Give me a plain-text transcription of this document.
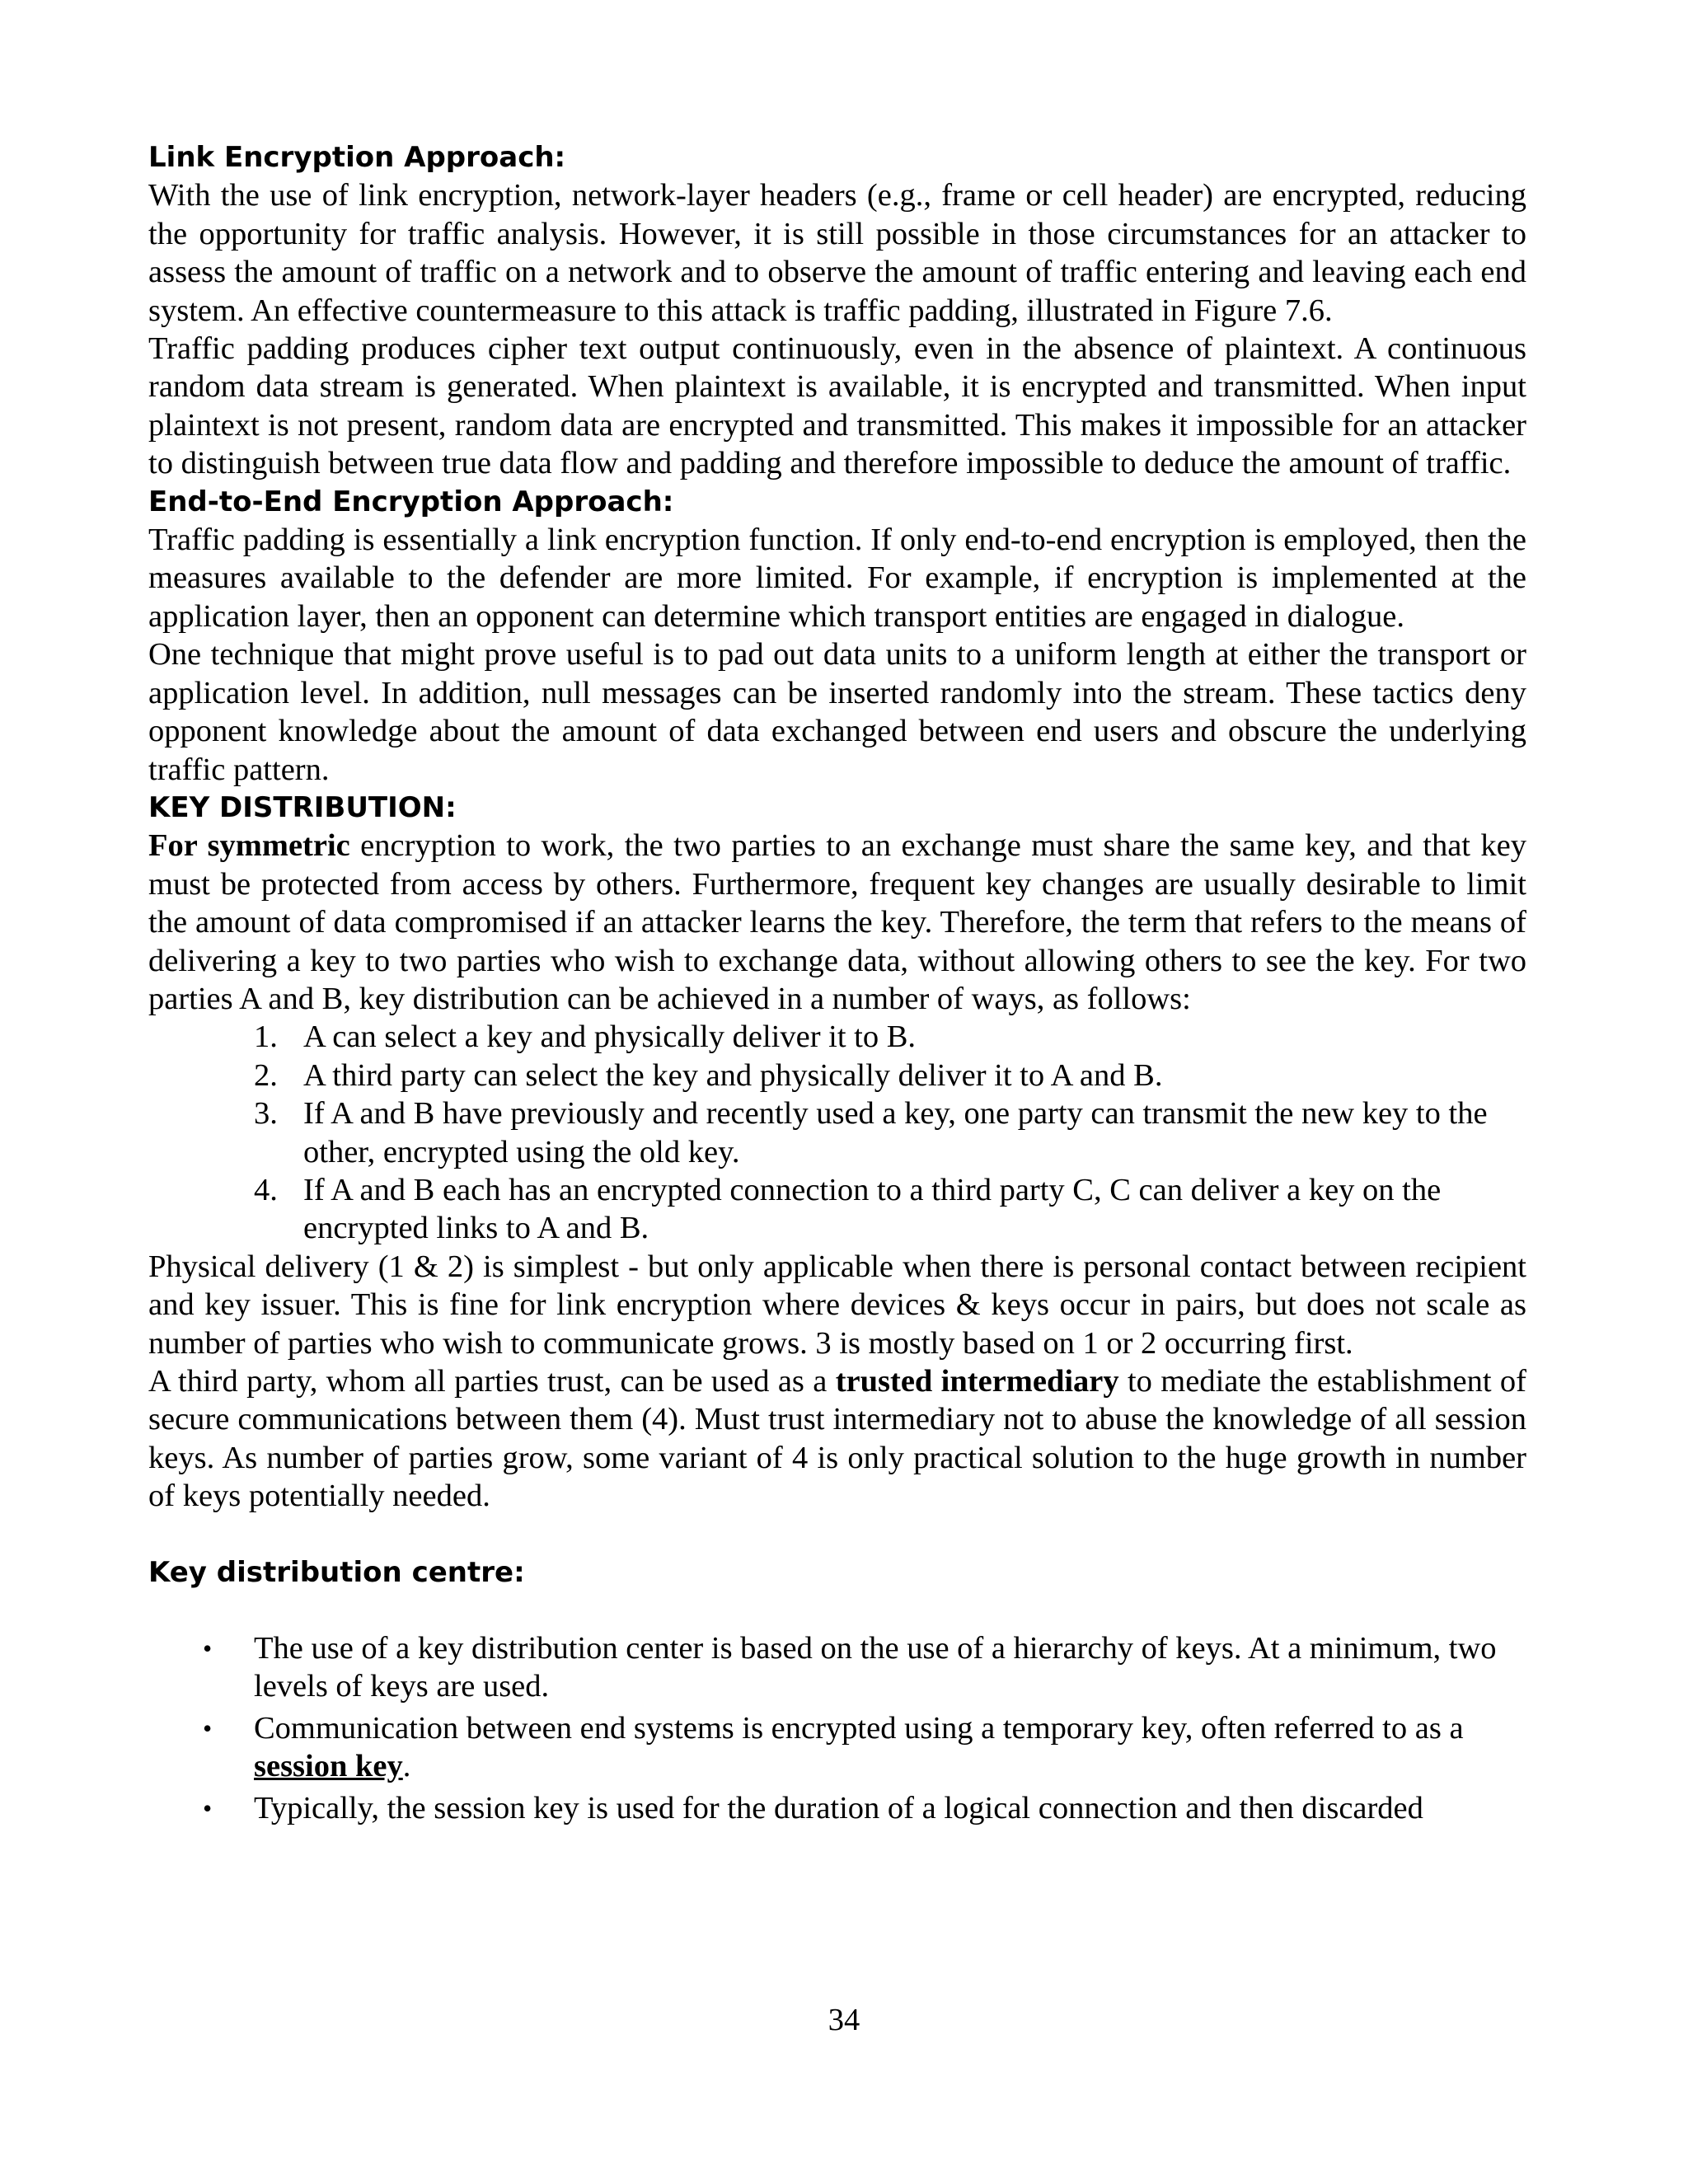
Link Encryption Approach:

With the use of link encryption, network-layer headers (e.g., frame or cell header) are encrypted, reducing the opportunity for traffic analysis. However, it is still possible in those circumstances for an attacker to assess the amount of traffic on a network and to observe the amount of traffic entering and leaving each end system. An effective countermeasure to this attack is traffic padding, illustrated in Figure 7.6.

Traffic padding produces cipher text output continuously, even in the absence of plaintext. A continuous random data stream is generated. When plaintext is available, it is encrypted and transmitted. When input plaintext is not present, random data are encrypted and transmitted. This makes it impossible for an attacker to distinguish between true data flow and padding and therefore impossible to deduce the amount of traffic.

End-to-End Encryption Approach:

Traffic padding is essentially a link encryption function. If only end-to-end encryption is employed, then the measures available to the defender are more limited. For example, if encryption is implemented at the application layer, then an opponent can determine which transport entities are engaged in dialogue.

One technique that might prove useful is to pad out data units to a uniform length at either the transport or application level. In addition, null messages can be inserted randomly into the stream. These tactics deny opponent knowledge about the amount of data exchanged between end users and obscure the underlying traffic pattern.

KEY DISTRIBUTION:

For symmetric encryption to work, the two parties to an exchange must share the same key, and that key must be protected from access by others. Furthermore, frequent key changes are usually desirable to limit the amount of data compromised if an attacker learns the key. Therefore, the term that refers to the means of delivering a key to two parties who wish to exchange data, without allowing others to see the key. For two parties A and B, key distribution can be achieved in a number of ways, as follows:

1. A can select a key and physically deliver it to B.
2. A third party can select the key and physically deliver it to A and B.
3. If A and B have previously and recently used a key, one party can transmit the new key to the other, encrypted using the old key.
4. If A and B each has an encrypted connection to a third party C, C can deliver a key on the encrypted links to A and B.

Physical delivery (1 & 2) is simplest - but only applicable when there is personal contact between recipient and key issuer. This is fine for link encryption where devices & keys occur in pairs, but does not scale as number of parties who wish to communicate grows. 3 is mostly based on 1 or 2 occurring first.

A third party, whom all parties trust, can be used as a trusted intermediary to mediate the establishment of secure communications between them (4). Must trust intermediary not to abuse the knowledge of all session keys. As number of parties grow, some variant of 4 is only practical solution to the huge growth in number of keys potentially needed.

Key distribution centre:
• The use of a key distribution center is based on the use of a hierarchy of keys. At a minimum, two levels of keys are used.
• Communication between end systems is encrypted using a temporary key, often referred to as a session key.
• Typically, the session key is used for the duration of a logical connection and then discarded
34
